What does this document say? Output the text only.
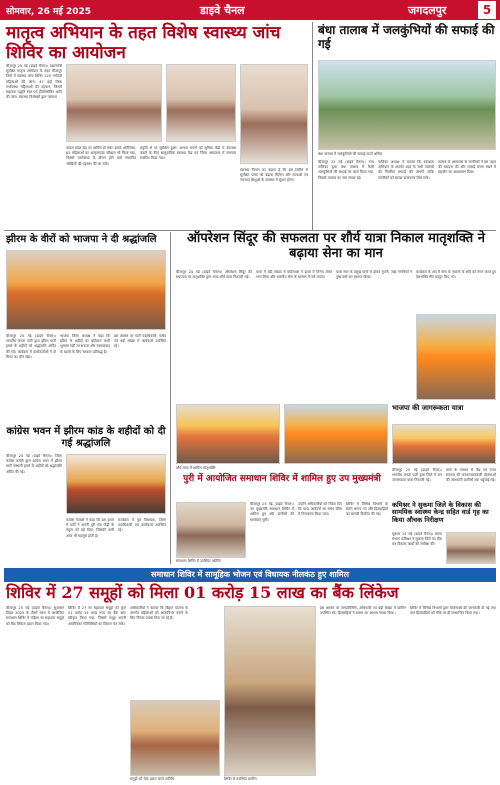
सोमवार, 26 मई 2025	डाइवे चैनल	जगदलपुर	5
मातृत्व अभियान के तहत विशेष स्वास्थ्य जांच शिविर का आयोजन
बीजापुर 25 मई (डाइवे चैनल)। प्रधानमंत्री सुरक्षित मातृत्व अभियान के तहत बीजापुर जिले में स्वास्थ्य जांच शिविर 125 गर्भवती महिलाओं की जांच, 47 हाई रिस्क गर्भावस्था महिलाओं की पहचान, जिसमें सहायक पद्धति रक्त एवं हीमोग्लोबिन आदि की जांच, स्वास्थ्य विशेषज्ञों द्वारा परामर्श
ताकत प्रदेश केंद्र पर शामिल हो सके। इसके अतिरिक्त, 82 महिलाओं का अल्ट्रासाउंड परीक्षण भी किया गया, जिससे गर्भावस्था के दौरान होने वाले संभावित जोखिमों की पहचान की जा सके।
प्रकृति से पर सुरक्षित हुआ। आश्रम भवनों को सुविधा केंद्रों में उपलब्ध कराने के लिए सामुदायिक स्वास्थ्य केंद्र एवं जिला अस्पताल में समन्वय स्थापित किया गया।
स्वास्थ्य मितान का कहना है कि इस शिविर से सुरक्षित प्रसव को बढ़ावा मिलेगा और माताओं एवं नवजात शिशुओं के स्वास्थ्य में सुधार होगा।
बंधा तालाब में जलकुंभियों की सफाई की गई
बंधा तालाब में जलकुंभियों की सफाई करते श्रमिक
बीजापुर 25 मई (डाइवे चैनल)। नगर पालिका द्वारा बंधा तालाब में फैली जलकुंभियों की सफाई का कार्य किया गया, जिससे तालाब का जल स्वच्छ रहे।
पालिका अध्यक्ष ने बताया कि स्वच्छता अभियान के अंतर्गत शहर के सभी तालाबों की नियमित सफाई की जाएगी ताकि नागरिकों को स्वच्छ वातावरण मिल सके।
तालाब के आसपास के नागरिकों ने इस पहल की सराहना की और सफाई बनाए रखने में सहयोग का आश्वासन दिया।
झीरम के वीरों को भाजपा ने दी श्रद्धांजलि
बीजापुर 25 मई (डाइवे चैनल)। भारतीय जनता पार्टी द्वारा झीरम घाटी हमले के शहीदों को श्रद्धांजलि अर्पित की गई। कार्यक्रम में कार्यकर्ताओं ने दो मिनट का मौन रखा।
भाजपा जिला अध्यक्ष ने कहा कि झीरम के शहीदों का बलिदान कभी भुलाया नहीं जा सकता और नक्सलवाद के खात्मे के लिए सरकार प्रतिबद्ध है।
इस अवसर पर पार्टी पदाधिकारी, पार्षद एवं बड़ी संख्या में कार्यकर्ता उपस्थित रहे।
कांग्रेस भवन में झीरम कांड के शहीदों को दी गई श्रद्धांजलि
बीजापुर 25 मई (डाइवे चैनल)। जिला कांग्रेस कमेटी द्वारा कांग्रेस भवन में झीरम घाटी नक्सली हमले के शहीदों को श्रद्धांजलि अर्पित की गई।
कांग्रेस नेताओं ने कहा कि इस हमले में पार्टी ने अपनी पूरी एक पीढ़ी के नेतृत्व को खो दिया, जिसकी कमी आज भी महसूस होती है।
कार्यक्रम में पूर्व विधायक, जिला पदाधिकारी एवं कार्यकर्ता उपस्थित रहे।
ऑपरेशन सिंदूर की सफलता पर शौर्य यात्रा निकाल मातृशक्ति ने बढ़ाया सेना का मान
बीजापुर 25 मई (डाइवे चैनल)। ऑपरेशन सिंदूर की सफलता पर मातृशक्ति द्वारा भव्य शौर्य यात्रा निकाली गई।
यात्रा में बड़ी संख्या में महिलाओं ने हाथों में तिरंगा लेकर भाग लिया और भारतीय सेना के सम्मान में नारे लगाए।
यात्रा नगर के प्रमुख मार्गों से होकर गुजरी, जहां नागरिकों ने पुष्प वर्षा कर स्वागत किया।
कार्यक्रम के अंत में सेना के जवानों के शौर्य को नमन करते हुए देशभक्ति गीत प्रस्तुत किए गए।
शौर्य यात्रा में शामिल मातृशक्ति
भाजपा की जागरूकता यात्रा
बीजापुर 25 मई (डाइवे चैनल)। भारतीय जनता पार्टी द्वारा जिले में जन जागरूकता यात्रा निकाली गई।
यात्रा के माध्यम से केंद्र एवं राज्य सरकार की जनकल्याणकारी योजनाओं की जानकारी ग्रामीणों तक पहुंचाई गई।
पुरी में आयोजित समाधान शिविर में शामिल हुए उप मुख्यमंत्री
बीजापुर 25 मई (डाइवे चैनल)। उप मुख्यमंत्री समाधान शिविर में शामिल हुए और ग्रामीणों की समस्याएं सुनीं।
उन्होंने अधिकारियों को निर्देश दिए कि प्राप्त आवेदनों का समय सीमा में निराकरण किया जाए।
शिविर में विभिन्न विभागों के स्टॉल लगाए गए और हितग्राहियों को सामग्री वितरित की गई।
समाधान शिविर में उपस्थित अतिथि
कमिश्नर ने सुकमा जिले के विकास की सामयिक स्वास्थ्य केन्द्र सहित वार्ड गृह का किया औचक निरीक्षण
सुकमा 25 मई (डाइवे चैनल)। बस्तर संभाग कमिश्नर ने सुकमा जिले का दौरा कर विकास कार्यों की समीक्षा की।
समाधान शिविर में सामूहिक भोजन एवं विधायक नीलकंठ हुए शामिल
शिविर में 27 समूहों को मिला 01 करोड़ 15 लाख का बैंक लिंकेज
बीजापुर 25 मई (डाइवे चैनल)। सुशासन तिहार 2025 के तीसरे चरण में आयोजित समाधान शिविर में महिला स्व सहायता समूहों को बैंक लिंकेज प्रदान किया गया।
शिविर में 27 स्व सहायता समूहों को कुल 01 करोड़ 15 लाख रुपए का बैंक ऋण स्वीकृत किया गया, जिससे समूह अपनी आजीविका गतिविधियों का विस्तार कर सकें।
अधिकारियों ने बताया कि बिहान योजना के अंतर्गत महिलाओं को आत्मनिर्भर बनाने के लिए निरंतर प्रयास किए जा रहे हैं।
समूहों को चेक प्रदान करते अतिथि	शिविर में उपस्थित ग्रामीण
इस अवसर पर जनप्रतिनिधि, अधिकारी एवं बड़ी संख्या में ग्रामीण उपस्थित रहे। हितग्राहियों ने शासन का आभार व्यक्त किया।
शिविर में विभिन्न विभागों द्वारा योजनाओं की जानकारी दी गई तथा पात्र हितग्राहियों को मौके पर ही लाभान्वित किया गया।
